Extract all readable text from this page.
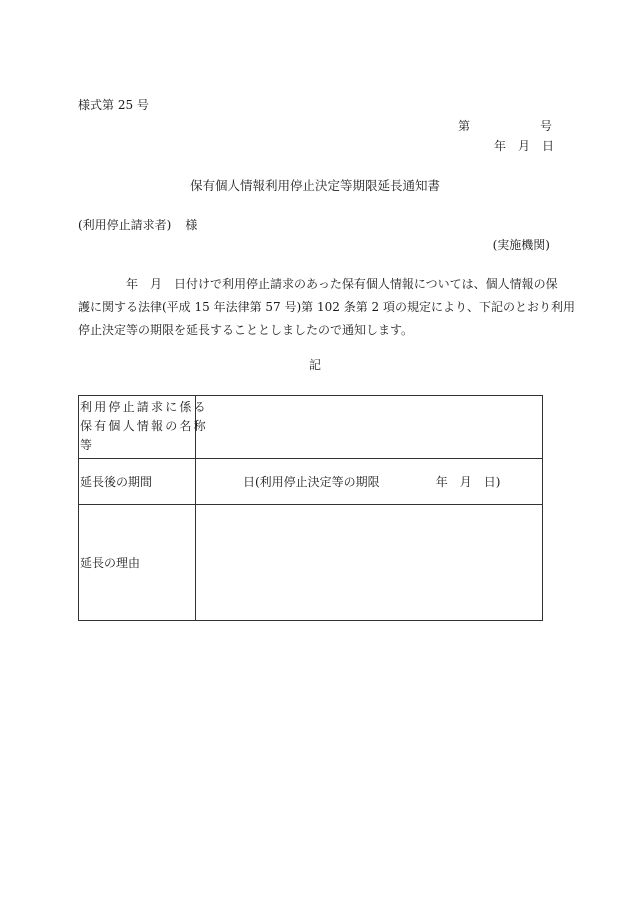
様式第 25 号
第	号
年 月 日
保有個人情報利用停止決定等期限延長通知書
(利用停止請求者) 様
(実施機関)
年 月 日付けで利用停止請求のあった保有個人情報については、個人情報の保
護に関する法律(平成 15 年法律第 57 号)第 102 条第 2 項の規定により、下記のとおり利用
停止決定等の期限を延長することとしましたので通知します。
記
利用停止請求に係る
保有個人情報の名称
等	

延長後の期間	日(利用停止決定等の期限 年 月 日)
延長の理由	
